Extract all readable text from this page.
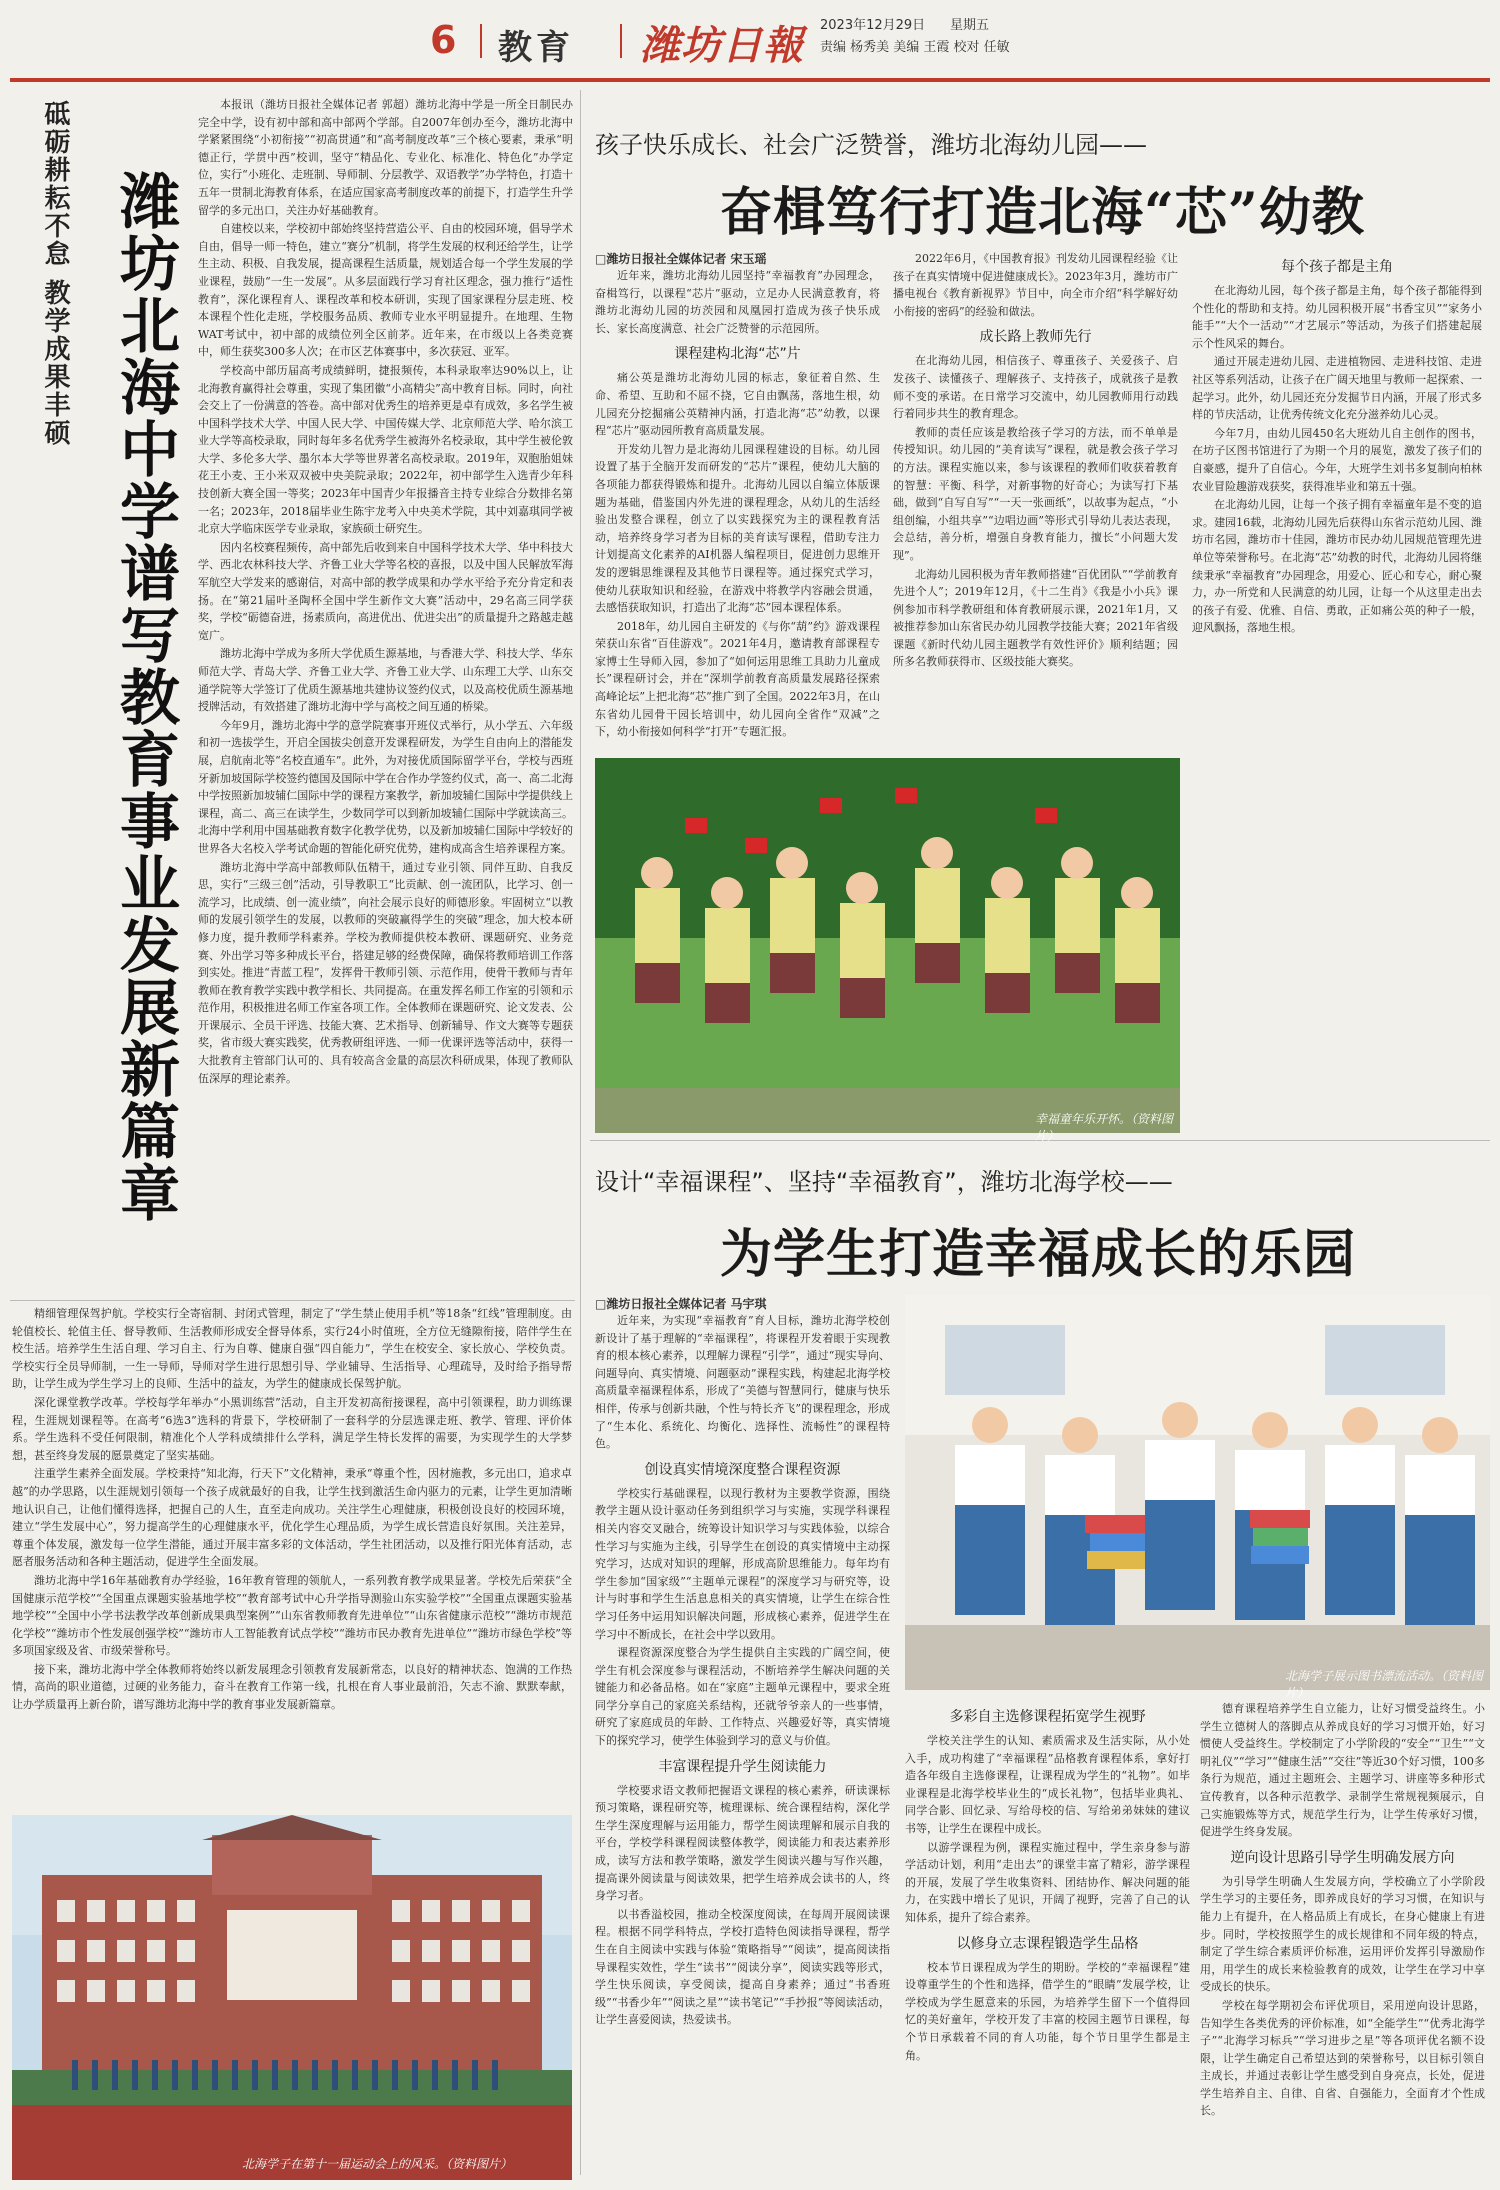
6 教育 潍坊日報 2023年12月29日 星期五
责编 杨秀美 美编 王霞 校对 任敏
砥砺耕耘不怠 教学成果丰硕 潍坊北海中学谱写教育事业发展新篇章

本报讯（潍坊日报社全媒体记者 郭超）潍坊北海中学是一所全日制民办完全中学，设有初中部和高中部两个学部。自2007年创办至今，潍坊北海中学紧紧围绕“小初衔接”“初高贯通”和“高考制度改革”三个核心要素，秉承“明德正行，学贯中西”校训，坚守“精品化、专业化、标准化、特色化”办学定位，实行“小班化、走班制、导师制、分层教学、双语教学”办学特色，打造十五年一贯制北海教育体系，在适应国家高考制度改革的前提下，打造学生升学留学的多元出口，关注办好基础教育。

自建校以来，学校初中部始终坚持营造公平、自由的校园环境，倡导学术自由，倡导一师一特色，建立“赛分”机制，将学生发展的权利还给学生，让学生主动、积极、自我发展，提高课程生活质量，规划适合每一个学生发展的学业课程，鼓励“一生一发展”。从多层面践行学习育社区理念，强力推行“适性教育”，深化课程育人、课程改革和校本研训，实现了国家课程分层走班、校本课程个性化走班，学校服务品质、教师专业水平明显提升。在地理、生物WAT考试中，初中部的成绩位列全区前茅。近年来，在市级以上各类竞赛中，师生获奖300多人次；在市区艺体赛事中，多次获冠、亚军。

学校高中部历届高考成绩鲜明，捷报频传，本科录取率达90%以上，让北海教育赢得社会尊重，实现了集团徽“小高精尖”高中教育目标。同时，向社会交上了一份满意的答卷。高中部对优秀生的培养更是卓有成效，多名学生被中国科学技术大学、中国人民大学、中国传媒大学、北京师范大学、哈尔滨工业大学等高校录取，同时每年多名优秀学生被海外名校录取，其中学生被伦敦大学、多伦多大学、墨尔本大学等世界著名高校录取。2019年，双胞胎姐妹花王小麦、王小米双双被中央美院录取；2022年，初中部学生入选青少年科技创新大赛全国一等奖；2023年中国青少年报播音主持专业综合分数排名第一名；2023年，2018届毕业生陈宇龙考入中央美术学院，其中刘嘉琪同学被北京大学临床医学专业录取，家族硕士研究生。

因内名校赛程频传，高中部先后收到来自中国科学技术大学、华中科技大学、西北农林科技大学、齐鲁工业大学等名校的喜报，以及中国人民解放军海军航空大学发来的感谢信，对高中部的教学成果和办学水平给予充分肯定和表扬。在“第21届叶圣陶杯全国中学生新作文大赛”活动中，29名高三同学获奖，学校“砺德奋进，扬素质向，高进优出、优进尖出”的质量提升之路越走越宽广。

潍坊北海中学成为多所大学优质生源基地，与香港大学、科技大学、华东师范大学、青岛大学、齐鲁工业大学、齐鲁工业大学、山东理工大学、山东交通学院等大学签订了优质生源基地共建协议签约仪式，以及高校优质生源基地授牌活动，有效搭建了潍坊北海中学与高校之间互通的桥梁。

今年9月，潍坊北海中学的意学院赛事开班仪式举行，从小学五、六年级和初一选拔学生，开启全国拔尖创意开发课程研发，为学生自由向上的潜能发展，启航南北等“名校直通车”。此外，为对接优质国际留学平台，学校与西班牙新加坡国际学校签约德国及国际中学在合作办学签约仪式，高一、高二北海中学按照新加坡辅仁国际中学的课程方案教学，新加坡辅仁国际中学提供线上课程，高二、高三在读学生，少数同学可以到新加坡辅仁国际中学就读高三。北海中学利用中国基础教育数字化教学优势，以及新加坡辅仁国际中学较好的世界各大名校入学考试命题的智能化研究优势，建构成高含生培养课程方案。

潍坊北海中学高中部教师队伍精干，通过专业引领、同伴互助、自我反思，实行“三级三创”活动，引导教职工“比贡献、创一流团队，比学习、创一流学习，比成绩、创一流业绩”，向社会展示良好的师德形象。牢固树立“以教师的发展引领学生的发展，以教师的突破赢得学生的突破”理念，加大校本研修力度，提升教师学科素养。学校为教师提供校本教研、课题研究、业务竞赛、外出学习等多种成长平台，搭建足够的经费保障，确保将教师培训工作落到实处。推进“青蓝工程”，发挥骨干教师引领、示范作用，使骨干教师与青年教师在教育教学实践中教学相长、共同提高。在重发挥名师工作室的引领和示范作用，积极推进名师工作室各项工作。全体教师在课题研究、论文发表、公开课展示、全员干评选、技能大赛、艺术指导、创新辅导、作文大赛等专题获奖，省市级大赛实践奖，优秀教研组评选、一师一优课评选等活动中，获得一大批教育主管部门认可的、具有较高含金量的高层次科研成果，体现了教师队伍深厚的理论素养。

精细管理保驾护航。学校实行全寄宿制、封闭式管理，制定了“学生禁止使用手机”等18条“红线”管理制度。由轮值校长、轮值主任、督导教师、生活教师形成安全督导体系，实行24小时值班，全方位无缝隙衔接，陪伴学生在校生活。培养学生生活自理、学习自主、行为自尊、健康自强“四自能力”，学生在校安全、家长放心、学校负责。学校实行全员导师制，一生一导师，导师对学生进行思想引导、学业辅导、生活指导、心理疏导，及时给予指导帮助，让学生成为学生学习上的良师、生活中的益友，为学生的健康成长保驾护航。

深化课堂教学改革。学校每学年举办“小黑训练营”活动，自主开发初高衔接课程，高中引领课程，助力训练课程，生涯规划课程等。在高考“6选3”选科的背景下，学校研制了一套科学的分层选课走班、教学、管理、评价体系。学生选科不受任何限制，精准化个人学科成绩排什么学科，满足学生特长发挥的需要，为实现学生的大学梦想，甚至终身发展的愿景奠定了坚实基础。

注重学生素养全面发展。学校秉持“知北海，行天下”文化精神，秉承“尊重个性，因材施教，多元出口，追求卓越”的办学思路，以生涯规划引领每一个孩子成就最好的自我，让学生找到激活生命内驱力的元素，让学生更加清晰地认识自己，让他们懂得选择，把握自己的人生，直至走向成功。关注学生心理健康，积极创设良好的校园环境，建立“学生发展中心”，努力提高学生的心理健康水平，优化学生心理品质，为学生成长营造良好氛围。关注差异，尊重个体发展，激发每一位学生潜能，通过开展丰富多彩的文体活动，学生社团活动，以及推行阳光体育活动，志愿者服务活动和各种主题活动，促进学生全面发展。

潍坊北海中学16年基础教育办学经验，16年教育管理的领航人，一系列教育教学成果显著。学校先后荣获“全国健康示范学校”“全国重点课题实验基地学校”“教育部考试中心升学指导测验山东实验学校”“全国重点课题实验基地学校”“全国中小学书法教学改革创新成果典型案例”“山东省教师教育先进单位”“山东省健康示范校”“潍坊市规范化学校”“潍坊市个性发展创强学校”“潍坊市人工智能教育试点学校”“潍坊市民办教育先进单位”“潍坊市绿色学校”等多项国家级及省、市级荣誉称号。

接下来，潍坊北海中学全体教师将始终以新发展理念引领教育发展新常态，以良好的精神状态、饱满的工作热情，高尚的职业道德，过硬的业务能力，奋斗在教育工作第一线，扎根在育人事业最前沿，矢志不渝、默默奉献，让办学质量再上新台阶，谱写潍坊北海中学的教育事业发展新篇章。

北海学子在第十一届运动会上的风采。（资料图片）
孩子快乐成长、社会广泛赞誉，潍坊北海幼儿园——
奋楫笃行打造北海“芯”幼教
□潍坊日报社全媒体记者 宋玉瑶

近年来，潍坊北海幼儿园坚持“幸福教育”办园理念，奋楫笃行，以课程“芯片”驱动，立足办人民满意教育，将潍坊北海幼儿园的坊茨园和凤凰园打造成为孩子快乐成长、家长高度满意、社会广泛赞誉的示范园所。

课程建构北海“芯”片

痛公英是潍坊北海幼儿园的标志，象征着自然、生命、希望、互助和不屈不挠，它自由飘荡，落地生根，幼儿园充分挖掘痛公英精神内涵，打造北海“芯”幼教，以课程“芯片”驱动园所教育高质量发展。

开发幼儿智力是北海幼儿园课程建设的目标。幼儿园设置了基于全脑开发而研发的“芯片”课程，使幼儿大脑的各项能力都获得锻炼和提升。北海幼儿园以自编立体版课题为基础，借鉴国内外先进的课程理念，从幼儿的生活经验出发整合课程，创立了以实践探究为主的课程教育活动，培养终身学习者为目标的美育读写课程，借助专注力计划提高文化素养的AI机器人编程项目，促进创力思维开发的逻辑思维课程及其他节日课程等。通过探究式学习，使幼儿获取知识和经验，在游戏中将教学内容融会贯通，去感悟获取知识，打造出了北海“芯”园本课程体系。

2018年，幼儿园自主研发的《与你“葫”约》游戏课程荣获山东省“百佳游戏”。2021年4月，邀请教育部课程专家博士生导师入园，参加了“如何运用思维工具助力儿童成长”课程研讨会，并在“深圳学前教育高质量发展路径探索高峰论坛”上把北海“芯”推广到了全国。2022年3月，在山东省幼儿园骨干园长培训中，幼儿园向全省作“双减”之下，幼小衔接如何科学“打开”专题汇报。

2022年6月，《中国教育报》刊发幼儿园课程经验《让孩子在真实情境中促进健康成长》。2023年3月，潍坊市广播电视台《教育新视界》节目中，向全市介绍“科学解好幼小衔接的密码”的经验和做法。

成长路上教师先行

在北海幼儿园，相信孩子、尊重孩子、关爱孩子、启发孩子、读懂孩子、理解孩子、支持孩子，成就孩子是教师不变的承诺。在日常学习交流中，幼儿园教师用行动践行着同步共生的教育理念。

教师的责任应该是教给孩子学习的方法，而不单单是传授知识。幼儿园的“美育读写”课程，就是教会孩子学习的方法。课程实施以来，参与该课程的教师们收获着教育的智慧：平衡、科学，对新事物的好奇心；为读写打下基础，做到“自写自写”“一天一张画纸”，以故事为起点，“小组创编，小组共享”“边唱边画”等形式引导幼儿表达表现，会总结，善分析，增强自身教育能力，擅长“小问题大发现”。

北海幼儿园积极为青年教师搭建“百优团队”“学前教育先进个人”；2019年12月，《十二生肖》《我是小小兵》课例参加市科学教研组和体育教研展示课，2021年1月，又被推荐参加山东省民办幼儿园教学技能大赛；2021年省级课题《新时代幼儿园主题教学有效性评价》顺利结题；园所多名教师获得市、区级技能大赛奖。

每个孩子都是主角

在北海幼儿园，每个孩子都是主角，每个孩子都能得到个性化的帮助和支持。幼儿园积极开展“书香宝贝”“家务小能手”“大个一活动”“才艺展示”等活动，为孩子们搭建起展示个性风采的舞台。

通过开展走进幼儿园、走进植物园、走进科技馆、走进社区等系列活动，让孩子在广阔天地里与教师一起探索、一起学习。此外，幼儿园还充分发掘节日内涵，开展了形式多样的节庆活动，让优秀传统文化充分滋养幼儿心灵。

今年7月，由幼儿园450名大班幼儿自主创作的图书，在坊子区图书馆进行了为期一个月的展览，激发了孩子们的自豪感，提升了自信心。今年，大班学生刘书多复制向柏林农业冒险趣游戏获奖，获得准毕业和第五十强。

在北海幼儿园，让每一个孩子拥有幸福童年是不变的追求。建园16载，北海幼儿园先后获得山东省示范幼儿园、潍坊市名园，潍坊市十佳园，潍坊市民办幼儿园规范管理先进单位等荣誉称号。在北海“芯”幼教的时代，北海幼儿园将继续秉承“幸福教育”办园理念，用爱心、匠心和专心，耐心聚力，办一所党和人民满意的幼儿园，让每一个从这里走出去的孩子有爱、优雅、自信、勇敢，正如痛公英的种子一般，迎风飘扬，落地生根。

幸福童年乐开怀。（资料图片）
设计“幸福课程”、坚持“幸福教育”，潍坊北海学校——
为学生打造幸福成长的乐园
□潍坊日报社全媒体记者 马宇琪

近年来，为实现“幸福教育”育人目标，潍坊北海学校创新设计了基于理解的“幸福课程”，将课程开发着眼于实现教育的根本核心素养，以理解力课程“引学”，通过“现实导向、问题导向、真实情境、问题驱动”课程实践，构建起北海学校高质量幸福课程体系，形成了“美德与智慧同行，健康与快乐相伴，传承与创新共融，个性与特长齐飞”的课程理念，形成了“生本化、系统化、均衡化、选择性、流畅性”的课程特色。

创设真实情境深度整合课程资源

学校实行基础课程，以现行教材为主要教学资源，围绕教学主题从设计驱动任务到组织学习与实施，实现学科课程相关内容交叉融合，统筹设计知识学习与实践体验，以综合性学习与实施为主线，引导学生在创设的真实情境中主动探究学习，达成对知识的理解，形成高阶思维能力。每年均有学生参加“国家级”“主题单元课程”的深度学习与研究等，设计与时事和学生生活息息相关的真实情境，让学生在综合性学习任务中运用知识解决问题，形成核心素养，促进学生在学习中不断成长，在社会中学以致用。

课程资源深度整合为学生提供自主实践的广阔空间，使学生有机会深度参与课程活动，不断培养学生解决问题的关键能力和必备品格。如在“家庭”主题单元课程中，要求全班同学分享自己的家庭关系结构，还就爷爷亲人的一些事情，研究了家庭成员的年龄、工作特点、兴趣爱好等，真实情境下的探究学习，使学生体验到学习的意义与价值。

丰富课程提升学生阅读能力

学校要求语文教师把握语文课程的核心素养，研读课标预习策略，课程研究等，梳理课标、统合课程结构，深化学生学生深度理解与运用能力，帮学生阅读理解和展示自我的平台，学校学科课程阅读整体教学，阅读能力和表达素养形成，读写方法和教学策略，激发学生阅读兴趣与写作兴趣，提高课外阅读量与阅读效果，把学生培养成会读书的人，终身学习者。

以书香溢校园，推动全校深度阅读，在每周开展阅读课程。根据不同学科特点，学校打造特色阅读指导课程，帮学生在自主阅读中实践与体验“策略指导”“阅读”，提高阅读指导课程实效性，学生“读书”“阅读分享”，阅读实践等形式，学生快乐阅读，享受阅读，提高自身素养；通过“书香班级”“书香少年”“阅读之星”“读书笔记”“手抄报”等阅读活动，让学生喜爱阅读，热爱读书。

北海学子展示图书漂流活动。（资料图片）
多彩自主选修课程拓宽学生视野

学校关注学生的认知、素质需求及生活实际，从小处入手，成功构建了“幸福课程”品格教育课程体系，拿好打造各年级自主选修课程，让课程成为学生的“礼物”。如毕业课程是北海学校毕业生的“成长礼物”，包括毕业典礼、同学合影、回忆录、写给母校的信、写给弟弟妹妹的建议书等，让学生在课程中成长。

以游学课程为例，课程实施过程中，学生亲身参与游学活动计划，利用“走出去”的课堂丰富了精彩，游学课程的开展，发展了学生收集资料、团结协作、解决问题的能力，在实践中增长了见识，开阔了视野，完善了自己的认知体系，提升了综合素养。

以修身立志课程锻造学生品格

校本节日课程成为学生的期盼。学校的“幸福课程”建设尊重学生的个性和选择，借学生的“眼睛”发展学校，让学校成为学生愿意来的乐园，为培养学生留下一个值得回忆的美好童年，学校开发了丰富的校园主题节日课程，每个节日承载着不同的育人功能，每个节日里学生都是主角。

德育课程培养学生自立能力，让好习惯受益终生。小学生立德树人的落脚点从养成良好的学习习惯开始，好习惯使人受益终生。学校制定了小学阶段的“安全”“卫生”“文明礼仪”“学习”“健康生活”“交往”等近30个好习惯，100多条行为规范，通过主题班会、主题学习、讲座等多种形式宣传教育，以各种示范教学、录制学生常规视频展示，自己实施锻炼等方式，规范学生行为，让学生传承好习惯，促进学生终身发展。

逆向设计思路引导学生明确发展方向

为引导学生明确人生发展方向，学校确立了小学阶段学生学习的主要任务，即养成良好的学习习惯，在知识与能力上有提升，在人格品质上有成长，在身心健康上有进步。同时，学校按照学生的成长规律和不同年级的特点，制定了学生综合素质评价标准，运用评价发挥引导激励作用，用学生的成长来检验教育的成效，让学生在学习中享受成长的快乐。

学校在每学期初会布评优项目，采用逆向设计思路，告知学生各类优秀的评价标准，如“全能学生”“优秀北海学子”“北海学习标兵”“学习进步之星”等各项评优名额不设限，让学生确定自己希望达到的荣誉称号，以目标引领自主成长，并通过表彰让学生感受到自身亮点，长处，促进学生培养自主、自律、自省、自强能力，全面育才个性成长。
